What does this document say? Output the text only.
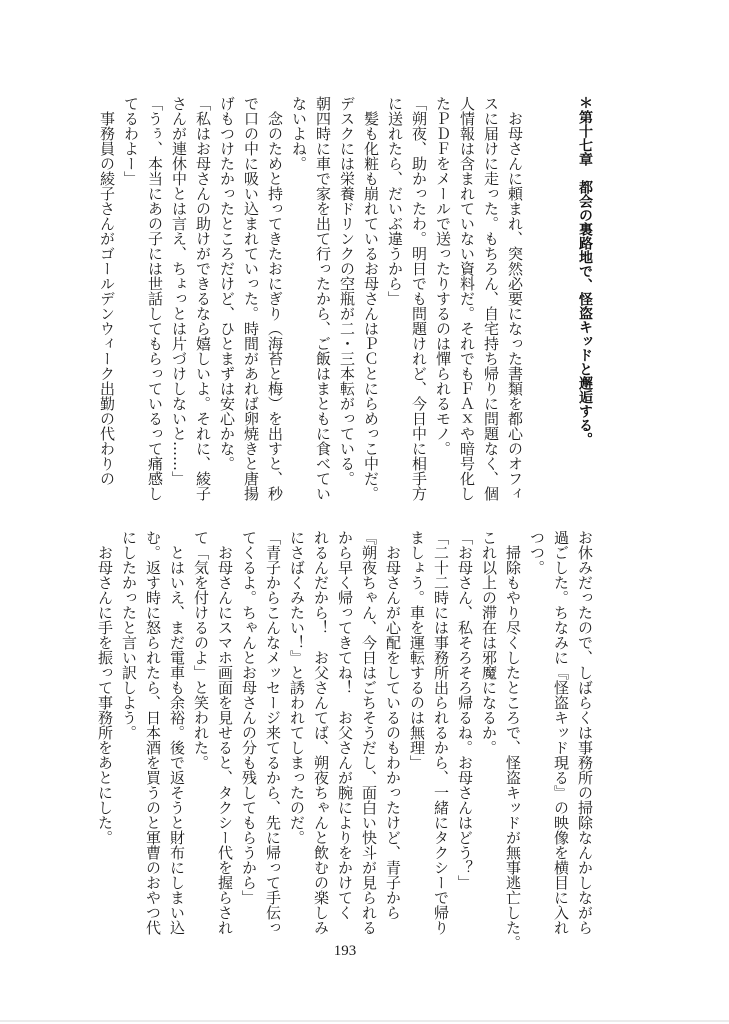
＊第十七章　都会の裏路地で、怪盗キッドと邂逅する。
　お母さんに頼まれ、突然必要になった書類を都心のオフィ
スに届けに走った。もちろん、自宅持ち帰りに問題なく、個
人情報は含まれていない資料だ。それでもＦＡｘや暗号化し
たＰＤＦをメールで送ったりするのは憚られるモノ。
「朔夜、助かったわ。明日でも問題けれど、今日中に相手方
に送れたら、だいぶ違うから」
　髪も化粧も崩れているお母さんはＰＣとにらめっこ中だ。
デスクには栄養ドリンクの空瓶が二・三本転がっている。
朝四時に車で家を出て行ったから、ご飯はまともに食べてい
ないよね。
　念のためと持ってきたおにぎり（海苔と梅）を出すと、秒
で口の中に吸い込まれていった。時間があれば卵焼きと唐揚
げもつけたかったところだけど、ひとまずは安心かな。
「私はお母さんの助けができるなら嬉しいよ。それに、綾子
さんが連休中とは言え、ちょっとは片づけしないと……」
「うぅ、本当にあの子には世話してもらっているって痛感し
てるわよー」
　事務員の綾子さんがゴールデンウィーク出勤の代わりの
お休みだったので、しばらくは事務所の掃除なんかしながら
過ごした。ちなみに『怪盗キッド現る』の映像を横目に入れ
つつ。
　掃除もやり尽くしたところで、怪盗キッドが無事逃亡した。
これ以上の滞在は邪魔になるか。
「お母さん、私そろそろ帰るね。お母さんはどう？」
「二十二時には事務所出られるから、一緒にタクシーで帰り
ましょう。車を運転するのは無理」
　お母さんが心配をしているのもわかったけど、青子から
『朔夜ちゃん、今日はごちそうだし、面白い快斗が見られる
から早く帰ってきてね！　お父さんが腕によりをかけてく
れるんだから！　お父さんてば、朔夜ちゃんと飲むの楽しみ
にさばくみたい！』と誘われてしまったのだ。
「青子からこんなメッセージ来てるから、先に帰って手伝っ
てくるよ。ちゃんとお母さんの分も残してもらうから」
　お母さんにスマホ画面を見せると、タクシー代を握らされ
て「気を付けるのよ」と笑われた。
　とはいえ、まだ電車も余裕。後で返そうと財布にしまい込
む。返す時に怒られたら、日本酒を買うのと軍曹のおやつ代
にしたかったと言い訳しよう。
　お母さんに手を振って事務所をあとにした。
193
